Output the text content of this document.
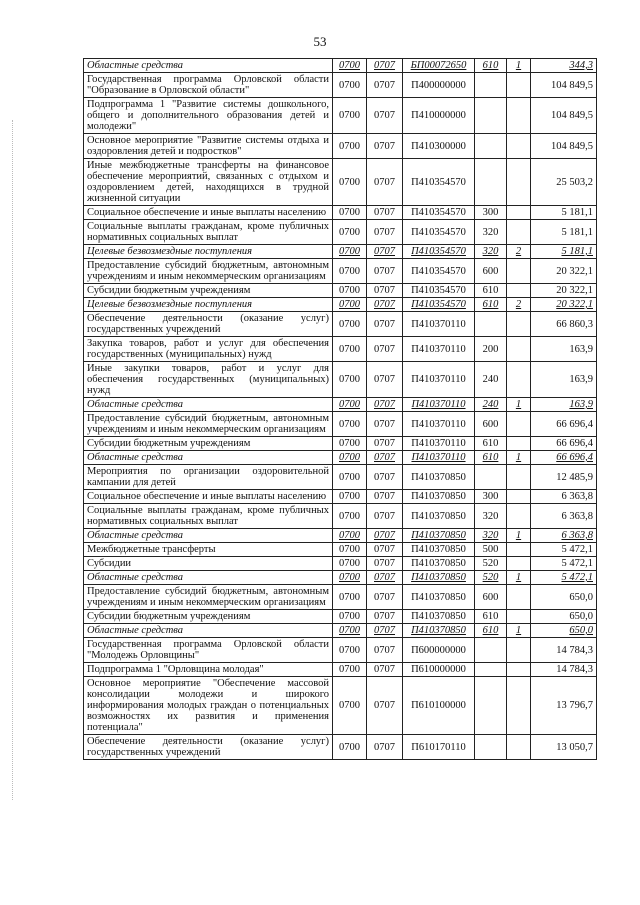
53
Областные средства	0700	0707	БП00072650	610	1	344,3
Государственная программа Орловской области "Образование в Орловской области"	0700	0707	П400000000			104 849,5
Подпрограмма 1 "Развитие системы дошкольного, общего и дополнительного образования детей и молодежи"	0700	0707	П410000000			104 849,5
Основное мероприятие "Развитие системы отдыха и оздоровления детей и подростков"	0700	0707	П410300000			104 849,5
Иные межбюджетные трансферты на финансовое обеспечение мероприятий, связанных с отдыхом и оздоровлением детей, находящихся в трудной жизненной ситуации	0700	0707	П410354570			25 503,2
Социальное обеспечение и иные выплаты населению	0700	0707	П410354570	300		5 181,1
Социальные выплаты гражданам, кроме публичных нормативных социальных выплат	0700	0707	П410354570	320		5 181,1
Целевые безвозмездные поступления	0700	0707	П410354570	320	2	5 181,1
Предоставление субсидий бюджетным, автономным учреждениям и иным некоммерческим организациям	0700	0707	П410354570	600		20 322,1
Субсидии бюджетным учреждениям	0700	0707	П410354570	610		20 322,1
Целевые безвозмездные поступления	0700	0707	П410354570	610	2	20 322,1
Обеспечение деятельности (оказание услуг) государственных учреждений	0700	0707	П410370110			66 860,3
Закупка товаров, работ и услуг для обеспечения государственных (муниципальных) нужд	0700	0707	П410370110	200		163,9
Иные закупки товаров, работ и услуг для обеспечения государственных (муниципальных) нужд	0700	0707	П410370110	240		163,9
Областные средства	0700	0707	П410370110	240	1	163,9
Предоставление субсидий бюджетным, автономным учреждениям и иным некоммерческим организациям	0700	0707	П410370110	600		66 696,4
Субсидии бюджетным учреждениям	0700	0707	П410370110	610		66 696,4
Областные средства	0700	0707	П410370110	610	1	66 696,4
Мероприятия по организации оздоровительной кампании для детей	0700	0707	П410370850			12 485,9
Социальное обеспечение и иные выплаты населению	0700	0707	П410370850	300		6 363,8
Социальные выплаты гражданам, кроме публичных нормативных социальных выплат	0700	0707	П410370850	320		6 363,8
Областные средства	0700	0707	П410370850	320	1	6 363,8
Межбюджетные трансферты	0700	0707	П410370850	500		5 472,1
Субсидии	0700	0707	П410370850	520		5 472,1
Областные средства	0700	0707	П410370850	520	1	5 472,1
Предоставление субсидий бюджетным, автономным учреждениям и иным некоммерческим организациям	0700	0707	П410370850	600		650,0
Субсидии бюджетным учреждениям	0700	0707	П410370850	610		650,0
Областные средства	0700	0707	П410370850	610	1	650,0
Государственная программа Орловской области "Молодежь Орловщины"	0700	0707	П600000000			14 784,3
Подпрограмма 1 "Орловщина молодая"	0700	0707	П610000000			14 784,3
Основное мероприятие "Обеспечение массовой консолидации молодежи и широкого информирования молодых граждан о потенциальных возможностях их развития и применения потенциала"	0700	0707	П610100000			13 796,7
Обеспечение деятельности (оказание услуг) государственных учреждений	0700	0707	П610170110			13 050,7
